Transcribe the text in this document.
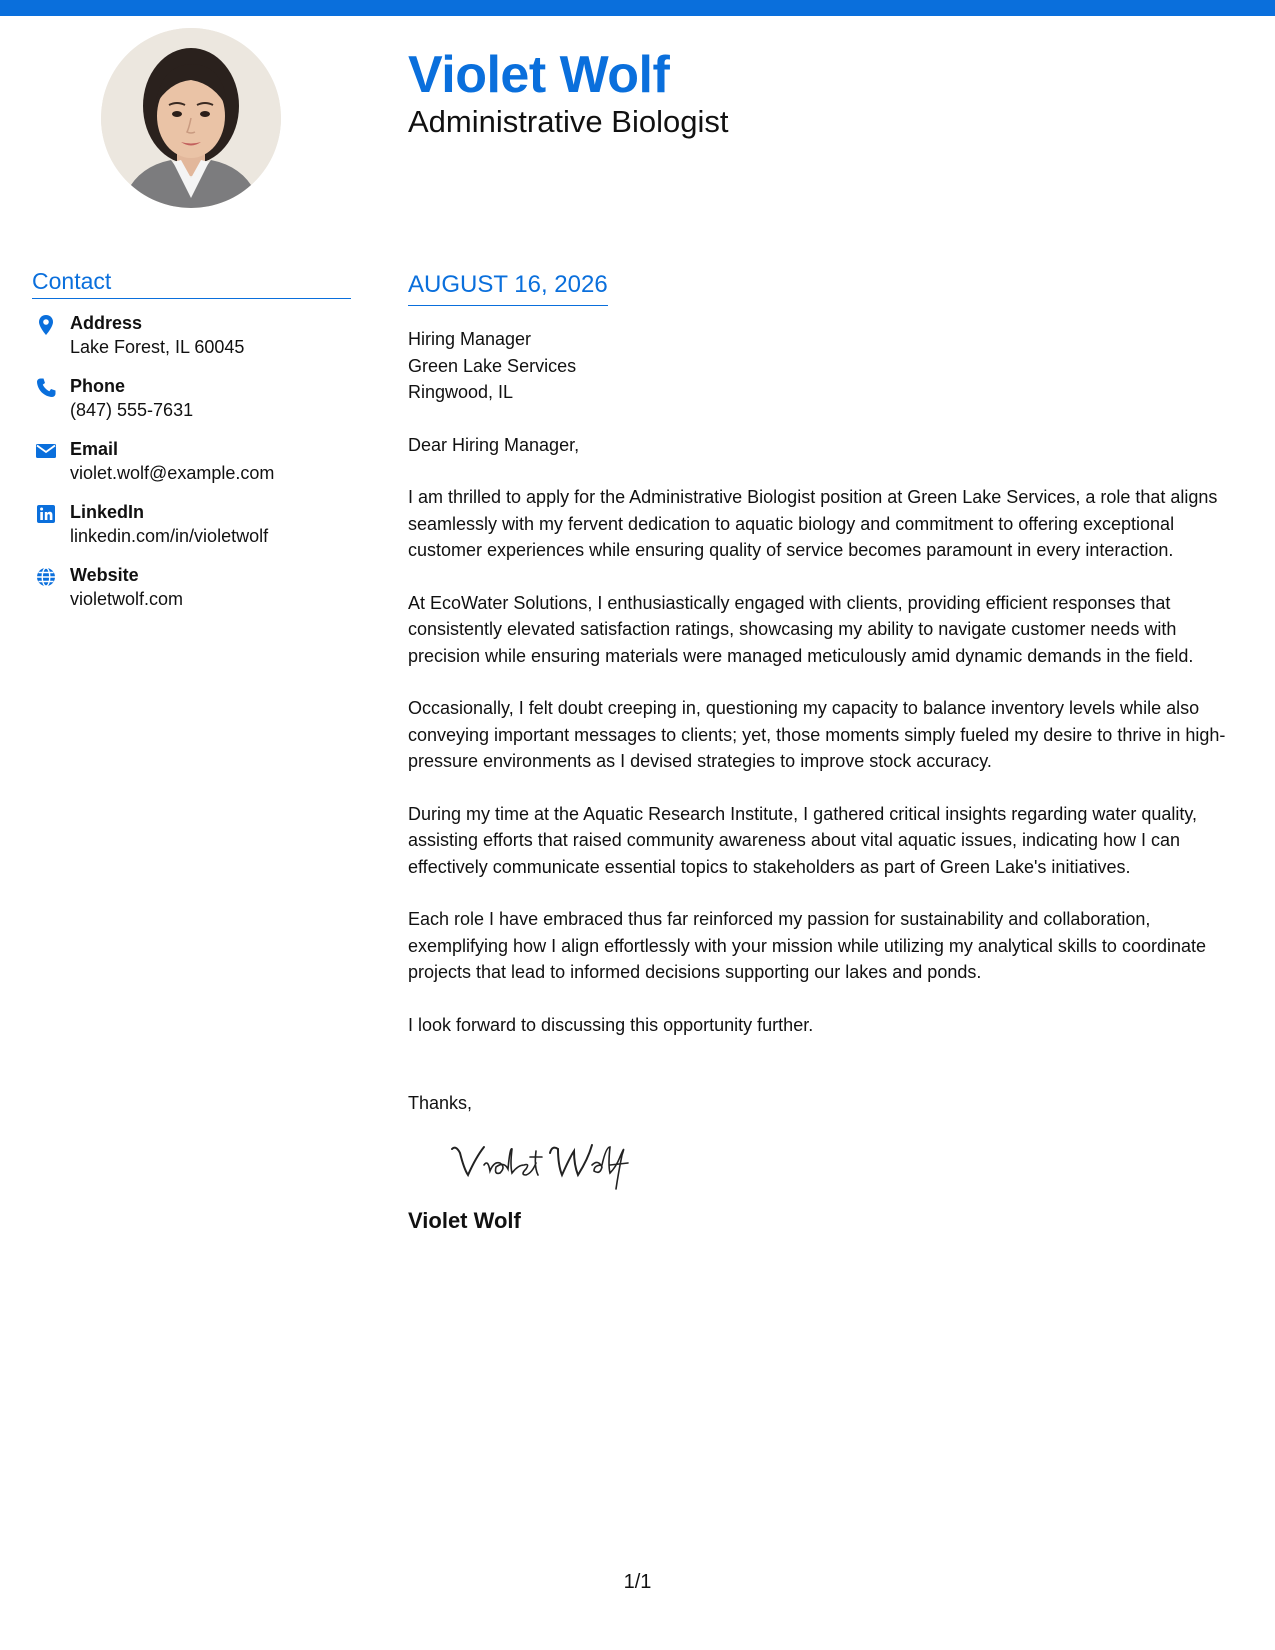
Violet Wolf
Administrative Biologist
Contact
Address
Lake Forest, IL 60045
Phone
(847) 555-7631
Email
violet.wolf@example.com
LinkedIn
linkedin.com/in/violetwolf
Website
violetwolf.com
AUGUST 16, 2026
Hiring Manager
Green Lake Services
Ringwood, IL
Dear Hiring Manager,
I am thrilled to apply for the Administrative Biologist position at Green Lake Services, a role that aligns seamlessly with my fervent dedication to aquatic biology and commitment to offering exceptional customer experiences while ensuring quality of service becomes paramount in every interaction.
At EcoWater Solutions, I enthusiastically engaged with clients, providing efficient responses that consistently elevated satisfaction ratings, showcasing my ability to navigate customer needs with precision while ensuring materials were managed meticulously amid dynamic demands in the field.
Occasionally, I felt doubt creeping in, questioning my capacity to balance inventory levels while also conveying important messages to clients; yet, those moments simply fueled my desire to thrive in high-pressure environments as I devised strategies to improve stock accuracy.
During my time at the Aquatic Research Institute, I gathered critical insights regarding water quality, assisting efforts that raised community awareness about vital aquatic issues, indicating how I can effectively communicate essential topics to stakeholders as part of Green Lake's initiatives.
Each role I have embraced thus far reinforced my passion for sustainability and collaboration, exemplifying how I align effortlessly with your mission while utilizing my analytical skills to coordinate projects that lead to informed decisions supporting our lakes and ponds.
I look forward to discussing this opportunity further.
Thanks,
Violet Wolf
1/1
